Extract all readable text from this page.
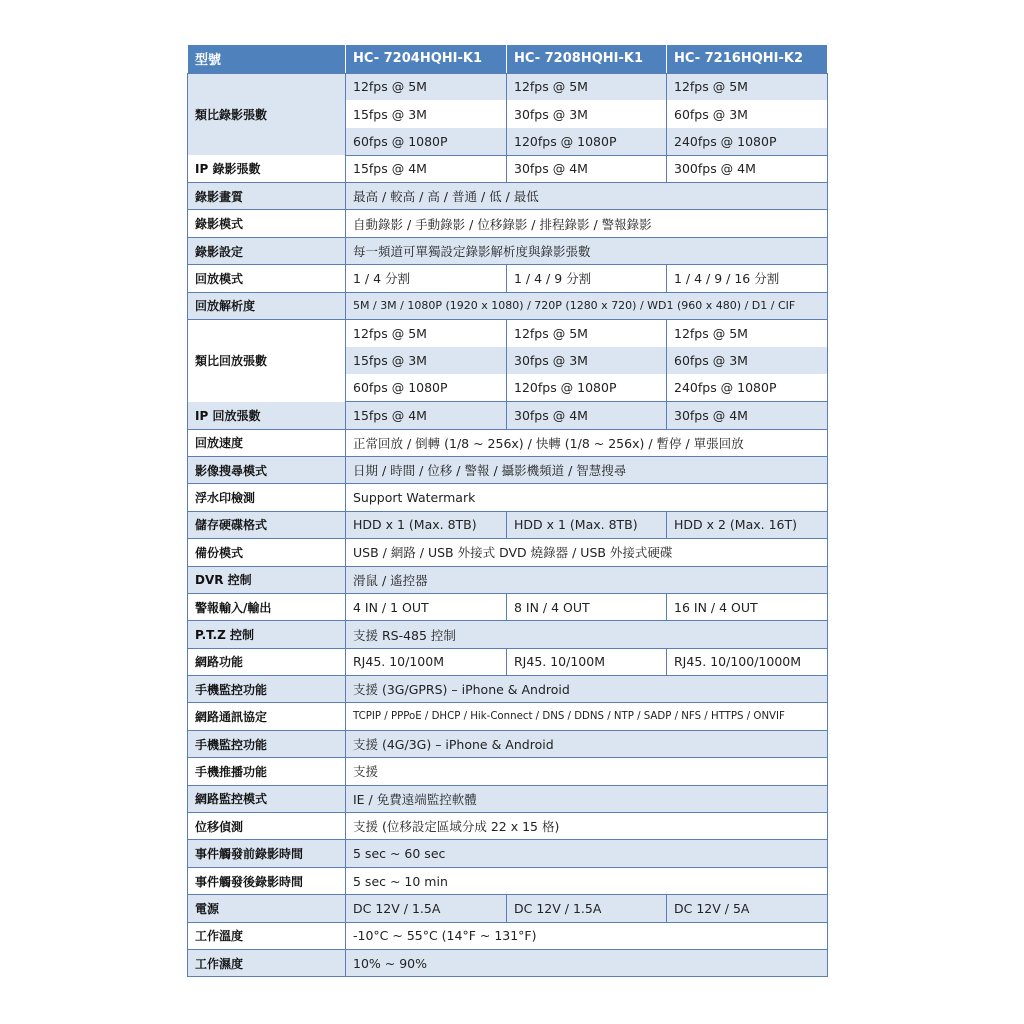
型號	HC- 7204HQHI-K1	HC- 7208HQHI-K1	HC- 7216HQHI-K2
類比錄影張數	12fps @ 5M	12fps @ 5M	12fps @ 5M
	15fps @ 3M	30fps @ 3M	60fps @ 3M
	60fps @ 1080P	120fps @ 1080P	240fps @ 1080P
IP 錄影張數	15fps @ 4M	30fps @ 4M	300fps @ 4M
錄影畫質	最高 / 較高 / 高 / 普通 / 低 / 最低		
錄影模式	自動錄影 / 手動錄影 / 位移錄影 / 排程錄影 / 警報錄影		
錄影設定	每一頻道可單獨設定錄影解析度與錄影張數		
回放模式	1 / 4 分割	1 / 4 / 9 分割	1 / 4 / 9 / 16 分割
回放解析度	5M / 3M / 1080P (1920 x 1080) / 720P (1280 x 720) / WD1 (960 x 480) / D1 / CIF		
類比回放張數	12fps @ 5M	12fps @ 5M	12fps @ 5M
	15fps @ 3M	30fps @ 3M	60fps @ 3M
	60fps @ 1080P	120fps @ 1080P	240fps @ 1080P
IP 回放張數	15fps @ 4M	30fps @ 4M	30fps @ 4M
回放速度	正常回放 / 倒轉 (1/8 ~ 256x) / 快轉 (1/8 ~ 256x) / 暫停 / 單張回放		
影像搜尋模式	日期 / 時間 / 位移 / 警報 / 攝影機頻道 / 智慧搜尋		
浮水印檢測	Support Watermark		
儲存硬碟格式	HDD x 1 (Max. 8TB)	HDD x 1 (Max. 8TB)	HDD x 2 (Max. 16T)
備份模式	USB / 網路 / USB 外接式 DVD 燒錄器 / USB 外接式硬碟		
DVR 控制	滑鼠 / 遙控器		
警報輸入/輸出	4 IN / 1 OUT	8 IN / 4 OUT	16 IN / 4 OUT
P.T.Z 控制	支援 RS-485 控制		
網路功能	RJ45. 10/100M	RJ45. 10/100M	RJ45. 10/100/1000M
手機監控功能	支援 (3G/GPRS) – iPhone & Android		
網路通訊協定	TCPIP / PPPoE / DHCP / Hik-Connect / DNS / DDNS / NTP / SADP / NFS / HTTPS / ONVIF		
手機監控功能	支援 (4G/3G) – iPhone & Android		
手機推播功能	支援		
網路監控模式	IE / 免費遠端監控軟體		
位移偵測	支援 (位移設定區域分成 22 x 15 格)		
事件觸發前錄影時間	5 sec ~ 60 sec		
事件觸發後錄影時間	5 sec ~ 10 min		
電源	DC 12V / 1.5A	DC 12V / 1.5A	DC 12V / 5A
工作溫度	-10°C ~ 55°C (14°F ~ 131°F)		
工作濕度	10% ~ 90%		
